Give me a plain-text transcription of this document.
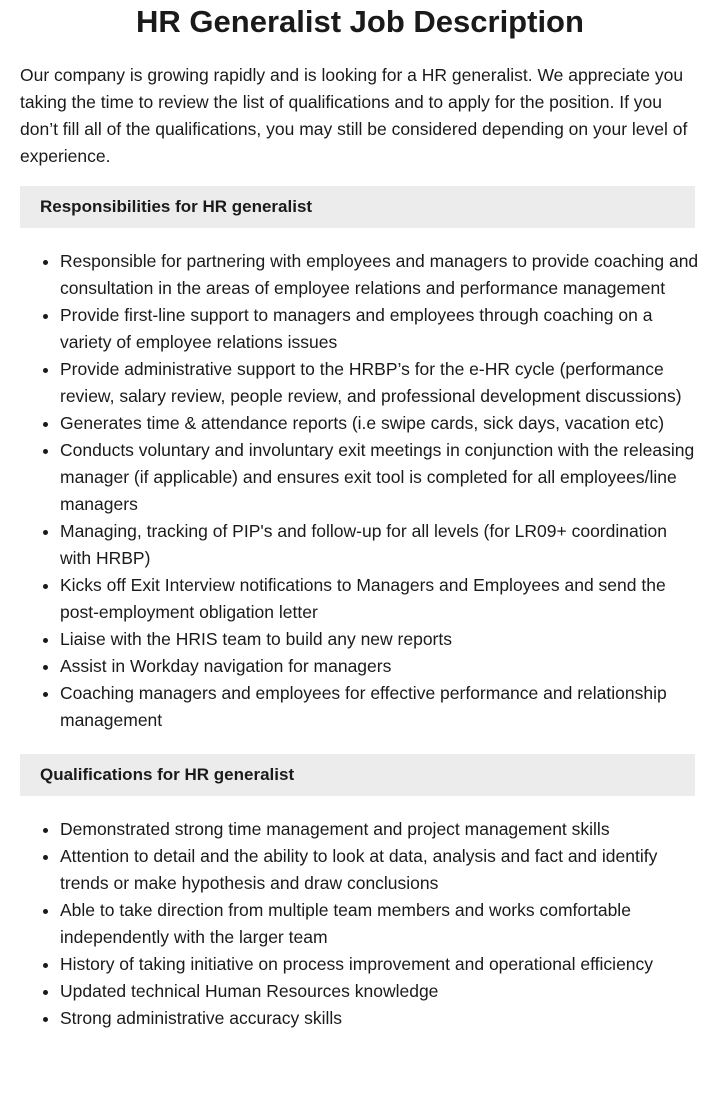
HR Generalist Job Description

Our company is growing rapidly and is looking for a HR generalist. We appreciate you taking the time to review the list of qualifications and to apply for the position. If you don’t fill all of the qualifications, you may still be considered depending on your level of experience.

Responsibilities for HR generalist
• Responsible for partnering with employees and managers to provide coaching and consultation in the areas of employee relations and performance management
• Provide first-line support to managers and employees through coaching on a variety of employee relations issues
• Provide administrative support to the HRBP’s for the e-HR cycle (performance review, salary review, people review, and professional development discussions)
• Generates time & attendance reports (i.e swipe cards, sick days, vacation etc)
• Conducts voluntary and involuntary exit meetings in conjunction with the releasing manager (if applicable) and ensures exit tool is completed for all employees/line managers
• Managing, tracking of PIP's and follow-up for all levels (for LR09+ coordination with HRBP)
• Kicks off Exit Interview notifications to Managers and Employees and send the post-employment obligation letter
• Liaise with the HRIS team to build any new reports
• Assist in Workday navigation for managers
• Coaching managers and employees for effective performance and relationship management
Qualifications for HR generalist
• Demonstrated strong time management and project management skills
• Attention to detail and the ability to look at data, analysis and fact and identify trends or make hypothesis and draw conclusions
• Able to take direction from multiple team members and works comfortable independently with the larger team
• History of taking initiative on process improvement and operational efficiency
• Updated technical Human Resources knowledge
• Strong administrative accuracy skills
